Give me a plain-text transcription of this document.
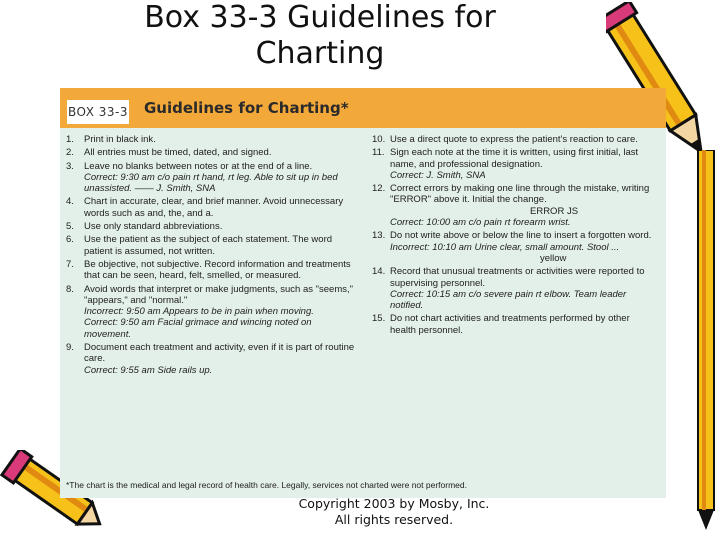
Box 33-3 Guidelines for
Charting
BOX 33-3 Guidelines for Charting*
1.	Print in black ink.
2.	All entries must be timed, dated, and signed.
3.	Leave no blanks between notes or at the end of a line.
Correct: 9:30 am c/o pain rt hand, rt leg. Able to sit up in bed unassisted. —— J. Smith, SNA
4.	Chart in accurate, clear, and brief manner. Avoid unnecessary words such as and, the, and a.
5.	Use only standard abbreviations.
6.	Use the patient as the subject of each statement. The word patient is assumed, not written.
7.	Be objective, not subjective. Record information and treatments that can be seen, heard, felt, smelled, or measured.
8.	Avoid words that interpret or make judgments, such as "seems," "appears," and "normal."
Incorrect: 9:50 am Appears to be in pain when moving.
Correct: 9:50 am Facial grimace and wincing noted on movement.
9.	Document each treatment and activity, even if it is part of routine care.
Correct: 9:55 am Side rails up.
10. Use a direct quote to express the patient's reaction to care.
11. Sign each note at the time it is written, using first initial, last name, and professional designation.
Correct: J. Smith, SNA
12. Correct errors by making one line through the mistake, writing "ERROR" above it. Initial the change.
ERROR JS
Correct: 10:00 am c/o pain rt forearm wrist.
13. Do not write above or below the line to insert a forgotten word.
Incorrect: 10:10 am Urine clear, small amount. Stool ...
yellow
14. Record that unusual treatments or activities were reported to supervising personnel.
Correct: 10:15 am c/o severe pain rt elbow. Team leader notified.
15. Do not chart activities and treatments performed by other health personnel.
*The chart is the medical and legal record of health care. Legally, services not charted were not performed.
Copyright 2003 by Mosby, Inc.
All rights reserved.
